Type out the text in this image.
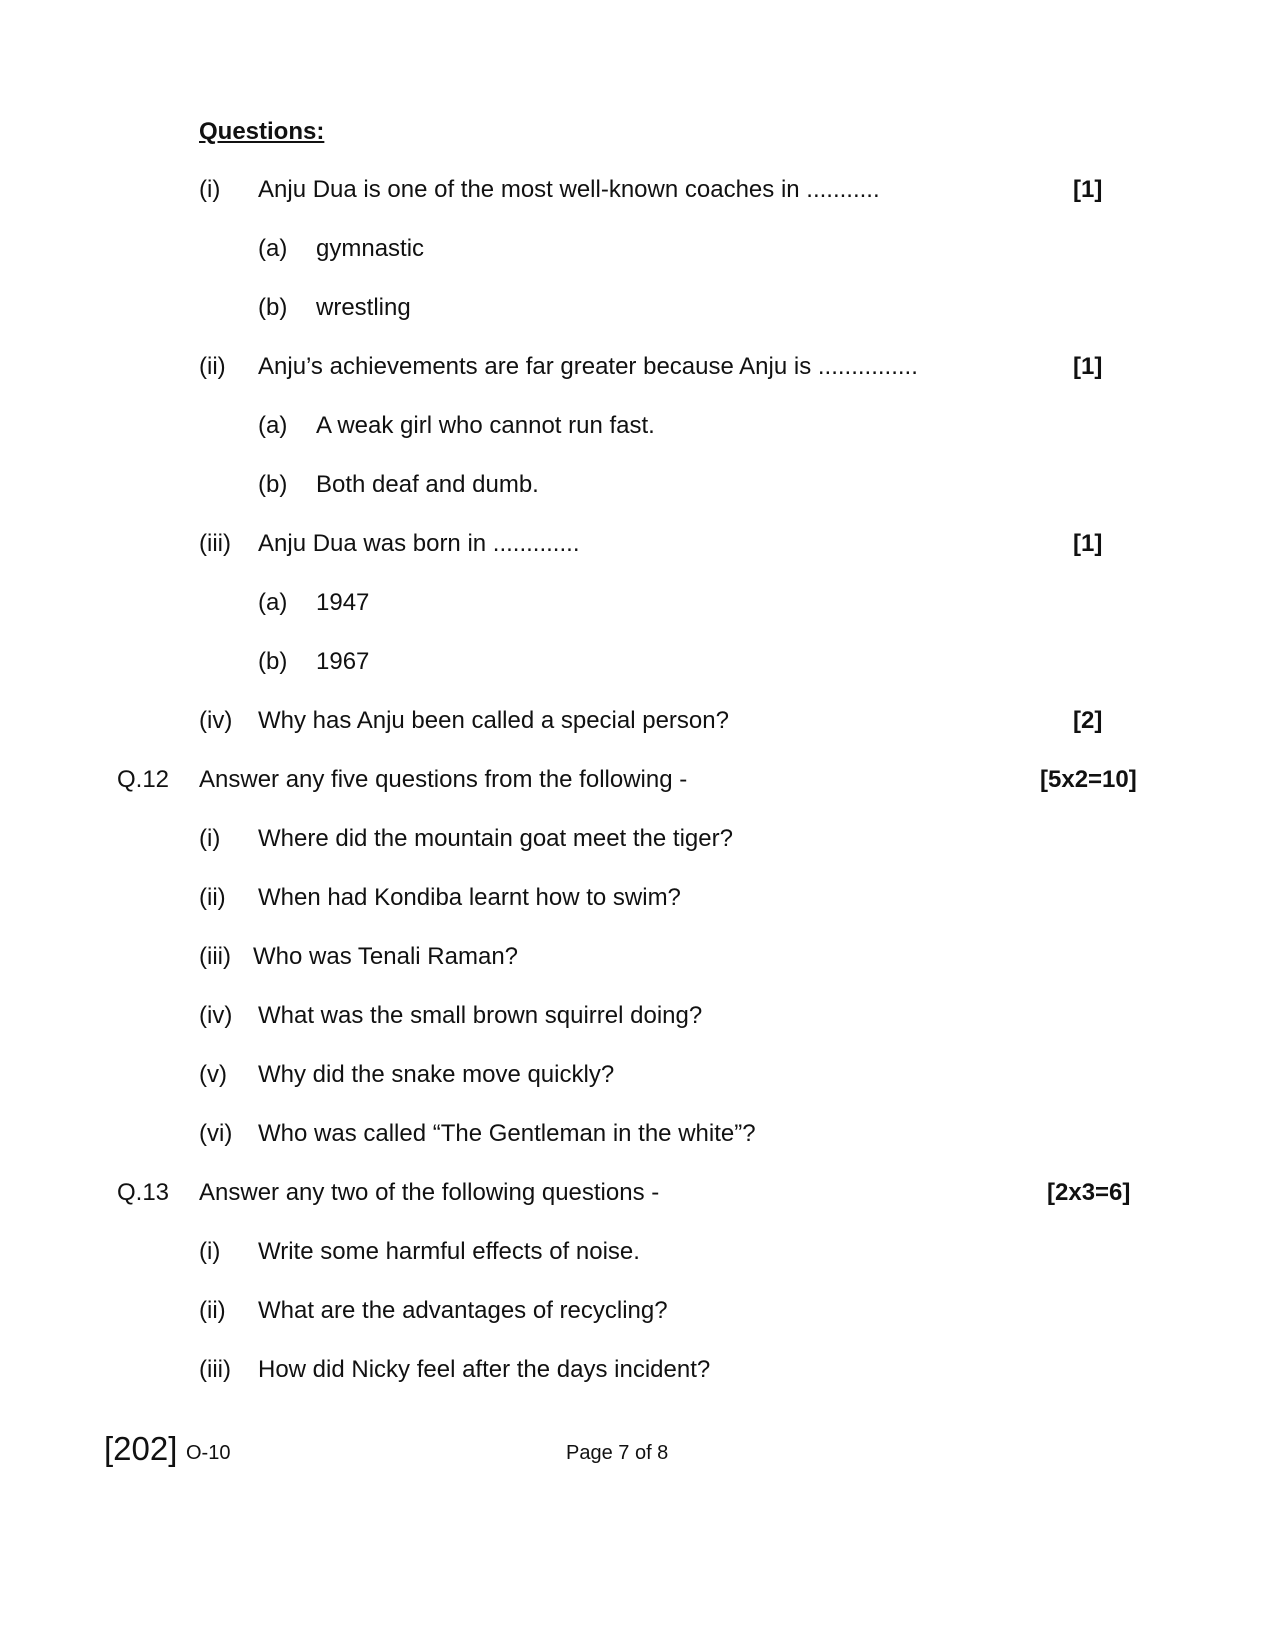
Questions:
(i) Anju Dua is one of the most well-known coaches in ...........	[1]
(a) gymnastic
(b) wrestling
(ii) Anju’s achievements are far greater because Anju is ...............	[1]
(a) A weak girl who cannot run fast.
(b) Both deaf and dumb.
(iii) Anju Dua was born in .............	[1]
(a) 1947
(b) 1967
(iv) Why has Anju been called a special person?	[2]
Q.12 Answer any five questions from the following -	[5x2=10]
(i) Where did the mountain goat meet the tiger?
(ii) When had Kondiba learnt how to swim?
(iii) Who was Tenali Raman?
(iv) What was the small brown squirrel doing?
(v) Why did the snake move quickly?
(vi) Who was called “The Gentleman in the white”?
Q.13 Answer any two of the following questions -	[2x3=6]
(i) Write some harmful effects of noise.
(ii) What are the advantages of recycling?
(iii) How did Nicky feel after the days incident?
[202] O-10	Page 7 of 8
